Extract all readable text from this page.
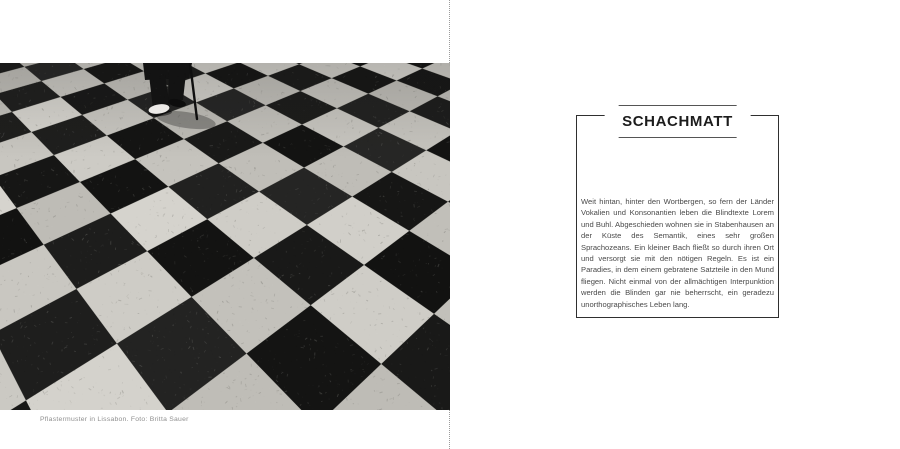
Pflastermuster in Lissabon. Foto: Britta Sauer
SCHACHMATT

Weit hintan, hinter den Wortbergen, so fern der Länder Vokalien und Konsonantien leben die Blindtexte Lorem und Buhl. Abgeschieden wohnen sie in Stabenhausen an der Küste des Semantik, eines sehr großen Sprachozeans. Ein kleiner Bach fließt so durch ihren Ort und versorgt sie mit den nötigen Regeln. Es ist ein Paradies, in dem einem gebratene Satzteile in den Mund fliegen. Nicht einmal von der allmächtigen Interpunktion werden die Blinden gar nie beherrscht, ein geradezu unorthographisches Leben lang.
